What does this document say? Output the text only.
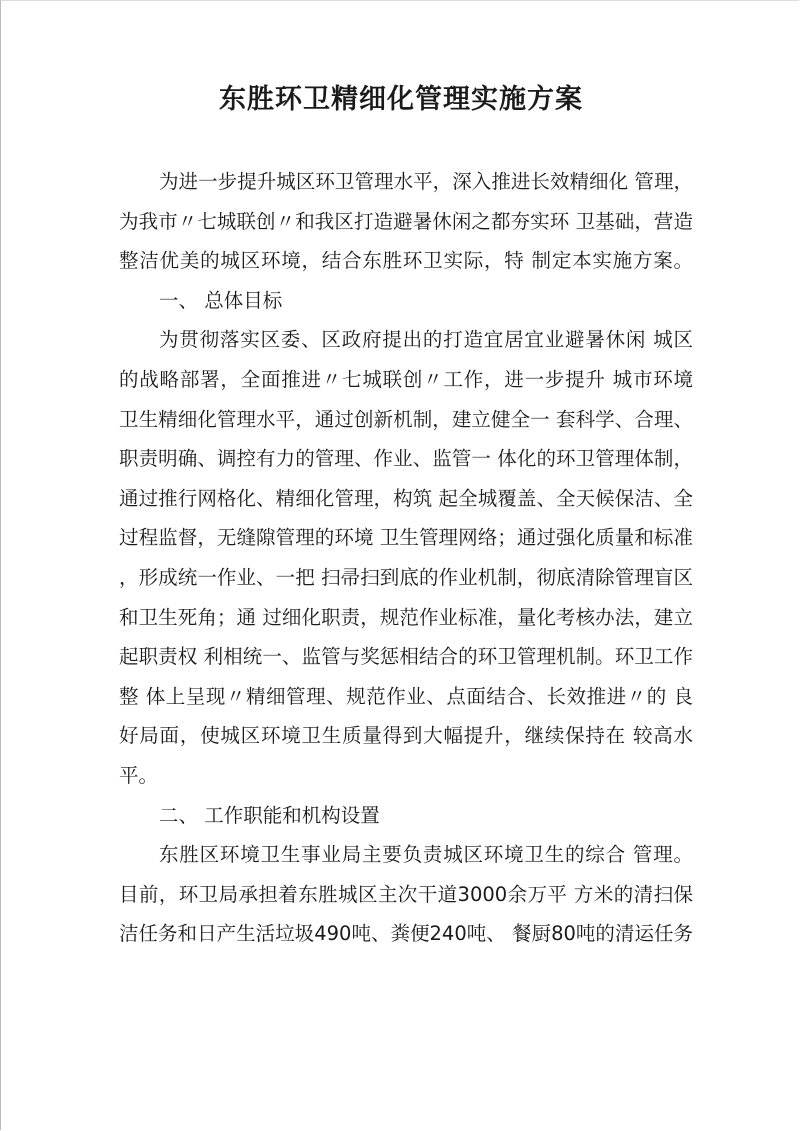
东胜环卫精细化管理实施方案
为进一步提升城区环卫管理水平，深入推进长效精细化 管理，
为我市〃七城联创〃和我区打造避暑休闲之都夯实环 卫基础，营造
整洁优美的城区环境，结合东胜环卫实际，特 制定本实施方案。
一、 总体目标
为贯彻落实区委、区政府提出的打造宜居宜业避暑休闲 城区
的战略部署，全面推进〃七城联创〃工作，进一步提升 城市环境
卫生精细化管理水平，通过创新机制，建立健全一 套科学、合理、
职责明确、调控有力的管理、作业、监管一 体化的环卫管理体制，
通过推行网格化、精细化管理，构筑 起全城覆盖、全天候保洁、全
过程监督，无缝隙管理的环境 卫生管理网络；通过强化质量和标准
，形成统一作业、一把 扫帚扫到底的作业机制，彻底清除管理盲区
和卫生死角；通 过细化职责，规范作业标准，量化考核办法，建立
起职责权 利相统一、监管与奖惩相结合的环卫管理机制。环卫工作
整 体上呈现〃精细管理、规范作业、点面结合、长效推进〃的 良
好局面，使城区环境卫生质量得到大幅提升，继续保持在 较高水
平。
二、 工作职能和机构设置
东胜区环境卫生事业局主要负责城区环境卫生的综合 管理。
目前，环卫局承担着东胜城区主次干道3000余万平 方米的清扫保
洁任务和日产生活垃圾490吨、粪便240吨、 餐厨80吨的清运任务
